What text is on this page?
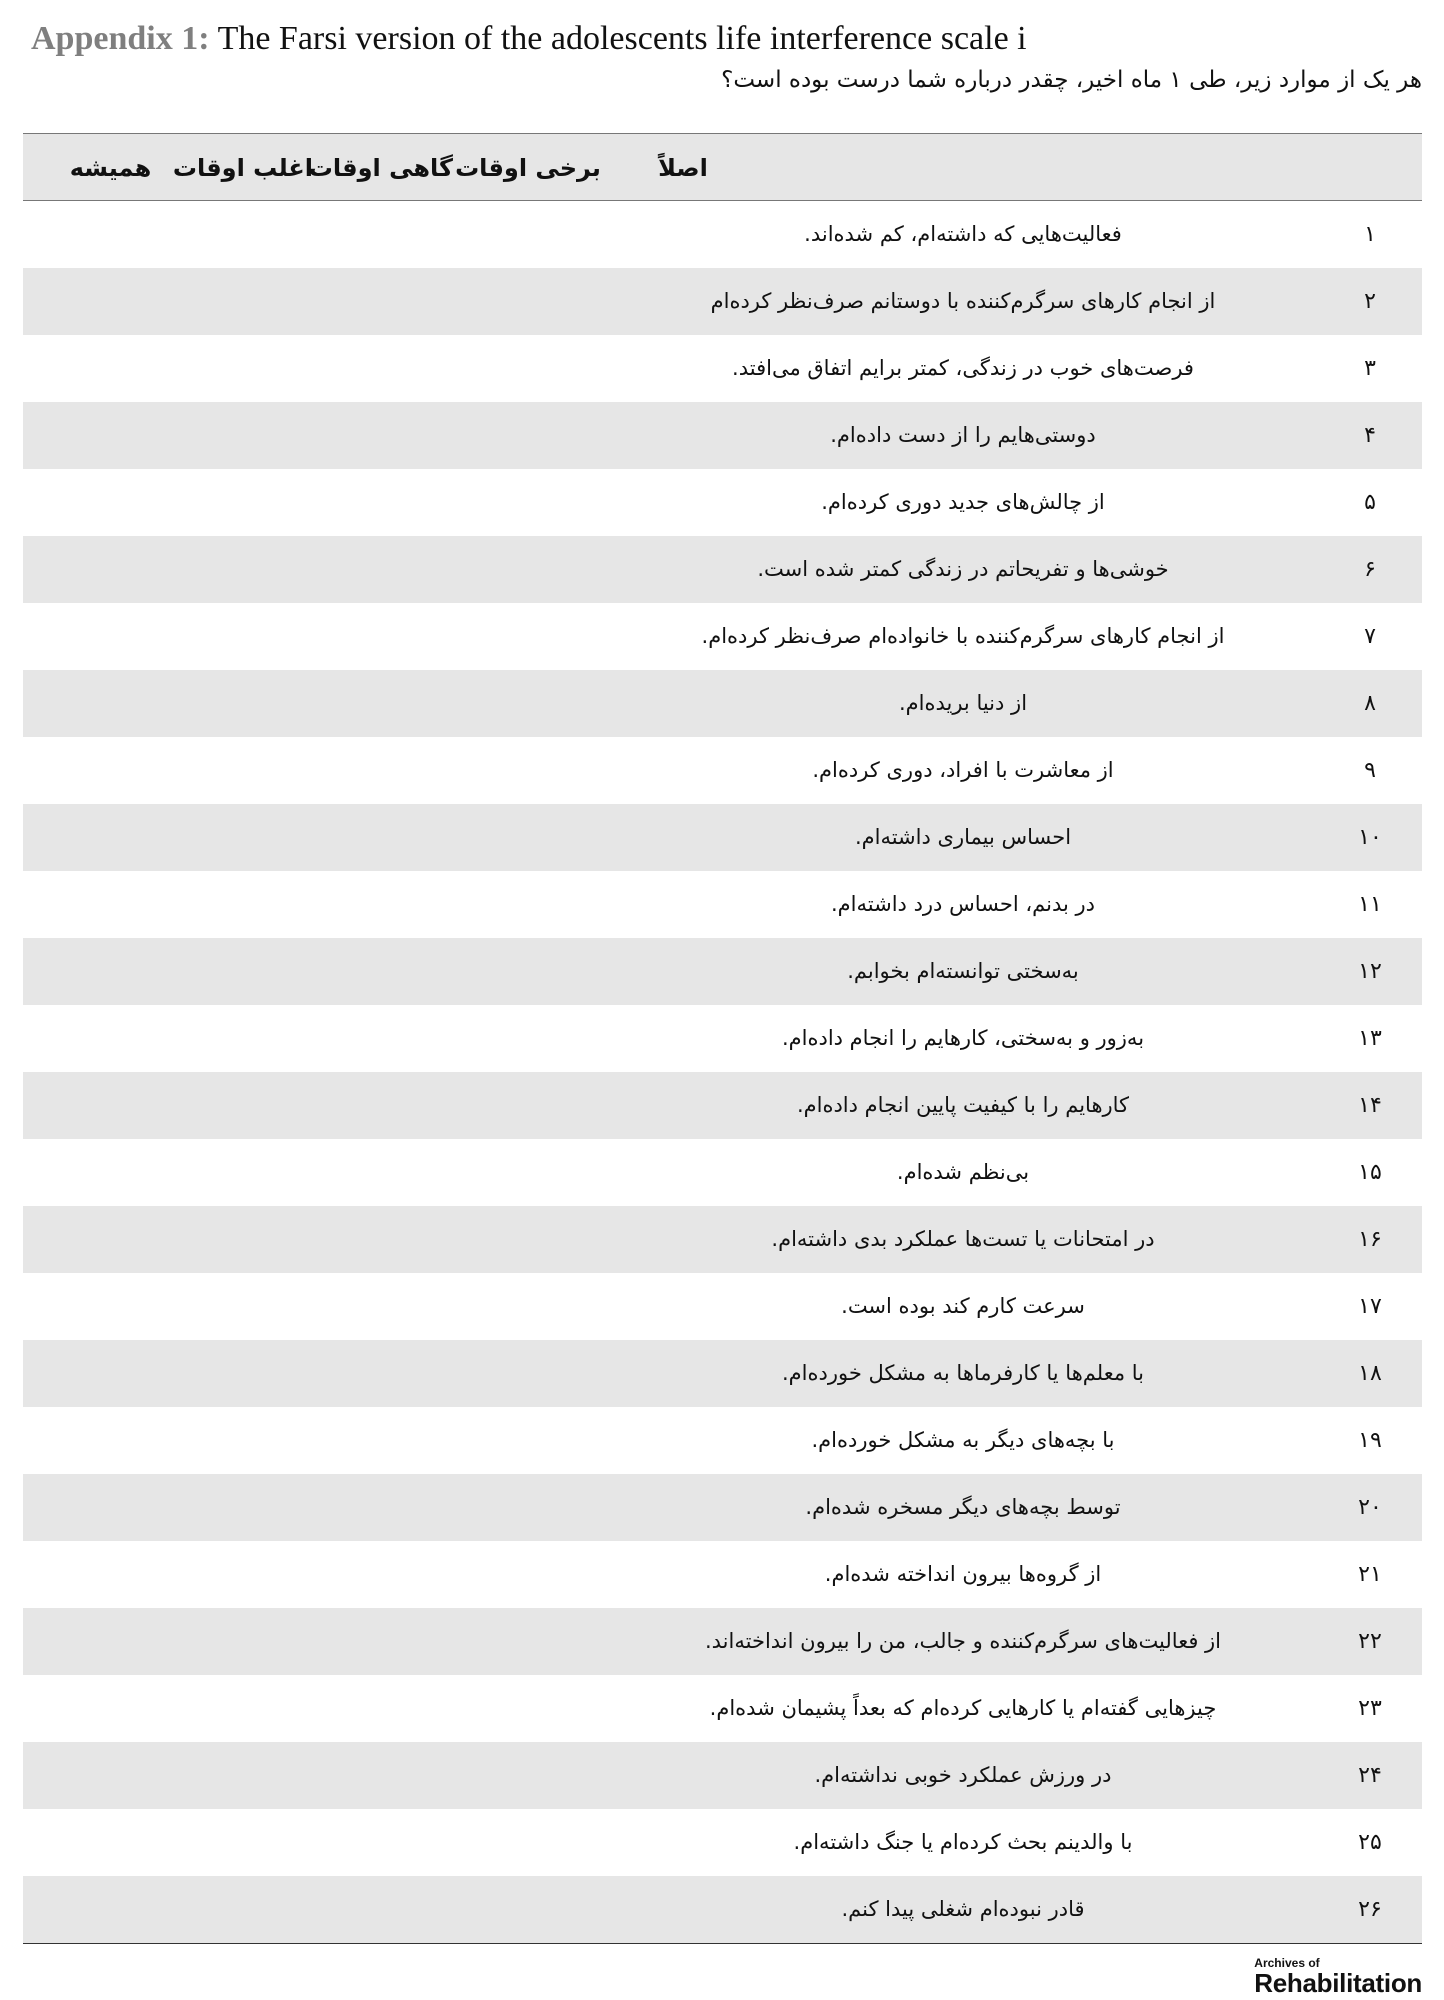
Appendix 1: The Farsi version of the adolescents life interference scale i
هر یک از موارد زیر، طی ۱ ماه اخیر، چقدر درباره شما درست بوده است؟
اصلاً
برخی اوقات
گاهی اوقات
اغلب اوقات
همیشه
۱
فعالیت‌هایی که داشته‌ام، کم شده‌اند.
۲
از انجام کارهای سرگرم‌کننده با دوستانم صرف‌نظر کرده‌ام
۳
فرصت‌های خوب در زندگی، کمتر برایم اتفاق می‌افتد.
۴
دوستی‌هایم را از دست داده‌ام.
۵
از چالش‌های جدید دوری کرده‌ام.
۶
خوشی‌ها و تفریحاتم در زندگی کمتر شده است.
۷
از انجام کارهای سرگرم‌کننده با خانواده‌ام صرف‌نظر کرده‌ام.
۸
از دنیا بریده‌ام.
۹
از معاشرت با افراد، دوری کرده‌ام.
۱۰
احساس بیماری داشته‌ام.
۱۱
در بدنم، احساس درد داشته‌ام.
۱۲
به‌سختی توانسته‌ام بخوابم.
۱۳
به‌زور و به‌سختی، کارهایم را انجام داده‌ام.
۱۴
کارهایم را با کیفیت پایین انجام داده‌ام.
۱۵
بی‌نظم شده‌ام.
۱۶
در امتحانات یا تست‌ها عملکرد بدی داشته‌ام.
۱۷
سرعت کارم کند بوده است.
۱۸
با معلم‌ها یا کارفرماها به مشکل خورده‌ام.
۱۹
با بچه‌های دیگر به مشکل خورده‌ام.
۲۰
توسط بچه‌های دیگر مسخره شده‌ام.
۲۱
از گروه‌ها بیرون انداخته شده‌ام.
۲۲
از فعالیت‌های سرگرم‌کننده و جالب، من را بیرون انداخته‌اند.
۲۳
چیزهایی گفته‌ام یا کارهایی کرده‌ام که بعداً پشیمان شده‌ام.
۲۴
در ورزش عملکرد خوبی نداشته‌ام.
۲۵
با والدینم بحث کرده‌ام یا جنگ داشته‌ام.
۲۶
قادر نبوده‌ام شغلی پیدا کنم.
Archives of
Rehabilitation
